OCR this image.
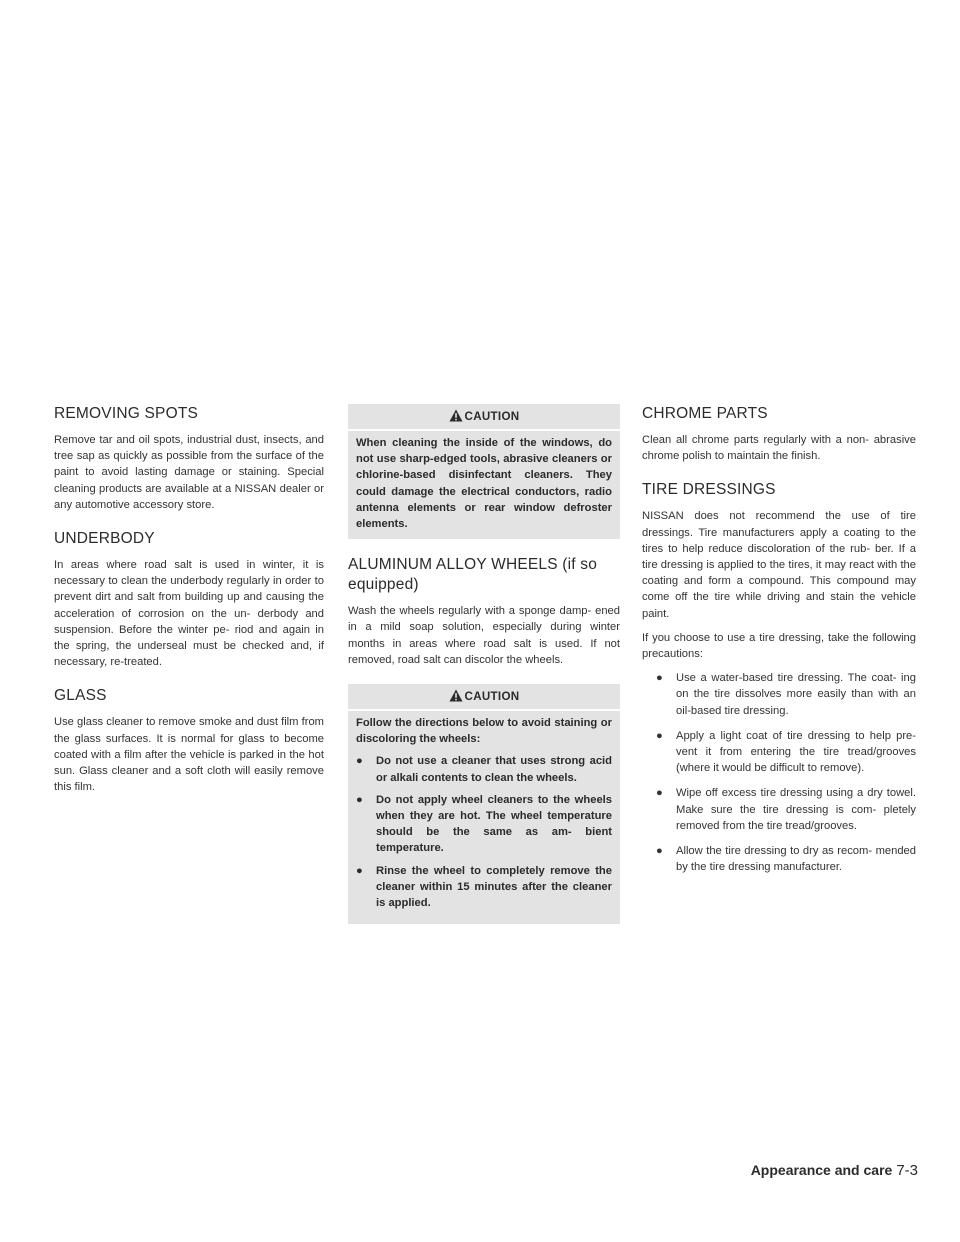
REMOVING SPOTS

Remove tar and oil spots, industrial dust, insects, and tree sap as quickly as possible from the surface of the paint to avoid lasting damage or staining. Special cleaning products are available at a NISSAN dealer or any automotive accessory store.

UNDERBODY

In areas where road salt is used in winter, it is necessary to clean the underbody regularly in order to prevent dirt and salt from building up and causing the acceleration of corrosion on the un- derbody and suspension. Before the winter pe- riod and again in the spring, the underseal must be checked and, if necessary, re-treated.

GLASS

Use glass cleaner to remove smoke and dust film from the glass surfaces. It is normal for glass to become coated with a film after the vehicle is parked in the hot sun. Glass cleaner and a soft cloth will easily remove this film.

CAUTION
When cleaning the inside of the windows, do not use sharp-edged tools, abrasive cleaners or chlorine-based disinfectant cleaners. They could damage the electrical conductors, radio antenna elements or rear window defroster elements.
ALUMINUM ALLOY WHEELS (if so equipped)

Wash the wheels regularly with a sponge damp- ened in a mild soap solution, especially during winter months in areas where road salt is used. If not removed, road salt can discolor the wheels.

CAUTION

Follow the directions below to avoid staining or discoloring the wheels:

● Do not use a cleaner that uses strong acid or alkali contents to clean the wheels.
● Do not apply wheel cleaners to the wheels when they are hot. The wheel temperature should be the same as am- bient temperature.
● Rinse the wheel to completely remove the cleaner within 15 minutes after the cleaner is applied.
CHROME PARTS

Clean all chrome parts regularly with a non- abrasive chrome polish to maintain the finish.

TIRE DRESSINGS

NISSAN does not recommend the use of tire dressings. Tire manufacturers apply a coating to the tires to help reduce discoloration of the rub- ber. If a tire dressing is applied to the tires, it may react with the coating and form a compound. This compound may come off the tire while driving and stain the vehicle paint.

If you choose to use a tire dressing, take the following precautions:

● Use a water-based tire dressing. The coat- ing on the tire dissolves more easily than with an oil-based tire dressing.
● Apply a light coat of tire dressing to help pre- vent it from entering the tire tread/grooves (where it would be difficult to remove).
● Wipe off excess tire dressing using a dry towel. Make sure the tire dressing is com- pletely removed from the tire tread/grooves.
● Allow the tire dressing to dry as recom- mended by the tire dressing manufacturer.
Appearance and care 7-3
